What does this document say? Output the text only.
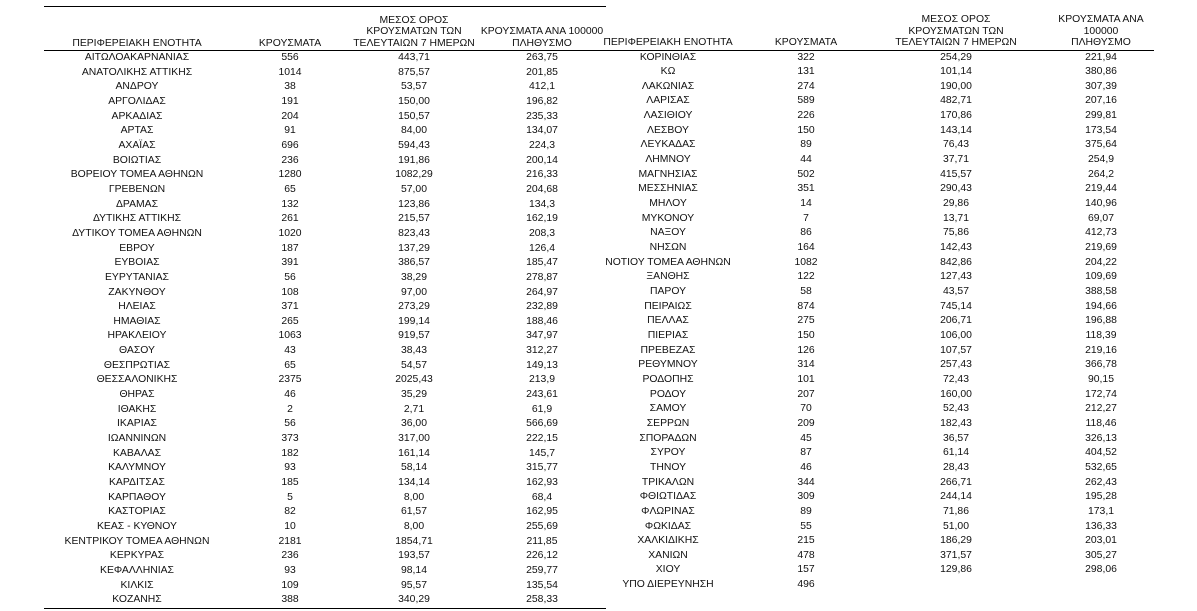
ΠΕΡΙΦΕΡΕΙΑΚΗ ΕΝΟΤΗΤΑ	ΚΡΟΥΣΜΑΤΑ	ΜΕΣΟΣ ΟΡΟΣ
ΚΡΟΥΣΜΑΤΩΝ ΤΩΝ
ΤΕΛΕΥΤΑΙΩΝ 7 ΗΜΕΡΩΝ	ΚΡΟΥΣΜΑΤΑ ΑΝΑ 100000
ΠΛΗΘΥΣΜΟ
ΑΙΤΩΛΟΑΚΑΡΝΑΝΙΑΣ	556	443,71	263,75
ΑΝΑΤΟΛΙΚΗΣ ΑΤΤΙΚΗΣ	1014	875,57	201,85
ΑΝΔΡΟΥ	38	53,57	412,1
ΑΡΓΟΛΙΔΑΣ	191	150,00	196,82
ΑΡΚΑΔΙΑΣ	204	150,57	235,33
ΑΡΤΑΣ	91	84,00	134,07
ΑΧΑΪΑΣ	696	594,43	224,3
ΒΟΙΩΤΙΑΣ	236	191,86	200,14
ΒΟΡΕΙΟΥ ΤΟΜΕΑ ΑΘΗΝΩΝ	1280	1082,29	216,33
ΓΡΕΒΕΝΩΝ	65	57,00	204,68
ΔΡΑΜΑΣ	132	123,86	134,3
ΔΥΤΙΚΗΣ ΑΤΤΙΚΗΣ	261	215,57	162,19
ΔΥΤΙΚΟΥ ΤΟΜΕΑ ΑΘΗΝΩΝ	1020	823,43	208,3
ΕΒΡΟΥ	187	137,29	126,4
ΕΥΒΟΙΑΣ	391	386,57	185,47
ΕΥΡΥΤΑΝΙΑΣ	56	38,29	278,87
ΖΑΚΥΝΘΟΥ	108	97,00	264,97
ΗΛΕΙΑΣ	371	273,29	232,89
ΗΜΑΘΙΑΣ	265	199,14	188,46
ΗΡΑΚΛΕΙΟΥ	1063	919,57	347,97
ΘΑΣΟΥ	43	38,43	312,27
ΘΕΣΠΡΩΤΙΑΣ	65	54,57	149,13
ΘΕΣΣΑΛΟΝΙΚΗΣ	2375	2025,43	213,9
ΘΗΡΑΣ	46	35,29	243,61
ΙΘΑΚΗΣ	2	2,71	61,9
ΙΚΑΡΙΑΣ	56	36,00	566,69
ΙΩΑΝΝΙΝΩΝ	373	317,00	222,15
ΚΑΒΑΛΑΣ	182	161,14	145,7
ΚΑΛΥΜΝΟΥ	93	58,14	315,77
ΚΑΡΔΙΤΣΑΣ	185	134,14	162,93
ΚΑΡΠΑΘΟΥ	5	8,00	68,4
ΚΑΣΤΟΡΙΑΣ	82	61,57	162,95
ΚΕΑΣ - ΚΥΘΝΟΥ	10	8,00	255,69
ΚΕΝΤΡΙΚΟΥ ΤΟΜΕΑ ΑΘΗΝΩΝ	2181	1854,71	211,85
ΚΕΡΚΥΡΑΣ	236	193,57	226,12
ΚΕΦΑΛΛΗΝΙΑΣ	93	98,14	259,77
ΚΙΛΚΙΣ	109	95,57	135,54
ΚΟΖΑΝΗΣ	388	340,29	258,33
ΠΕΡΙΦΕΡΕΙΑΚΗ ΕΝΟΤΗΤΑ	ΚΡΟΥΣΜΑΤΑ	ΜΕΣΟΣ ΟΡΟΣ
ΚΡΟΥΣΜΑΤΩΝ ΤΩΝ
ΤΕΛΕΥΤΑΙΩΝ 7 ΗΜΕΡΩΝ	ΚΡΟΥΣΜΑΤΑ ΑΝΑ 100000
ΠΛΗΘΥΣΜΟ
ΚΟΡΙΝΘΙΑΣ	322	254,29	221,94
ΚΩ	131	101,14	380,86
ΛΑΚΩΝΙΑΣ	274	190,00	307,39
ΛΑΡΙΣΑΣ	589	482,71	207,16
ΛΑΣΙΘΙΟΥ	226	170,86	299,81
ΛΕΣΒΟΥ	150	143,14	173,54
ΛΕΥΚΑΔΑΣ	89	76,43	375,64
ΛΗΜΝΟΥ	44	37,71	254,9
ΜΑΓΝΗΣΙΑΣ	502	415,57	264,2
ΜΕΣΣΗΝΙΑΣ	351	290,43	219,44
ΜΗΛΟΥ	14	29,86	140,96
ΜΥΚΟΝΟΥ	7	13,71	69,07
ΝΑΞΟΥ	86	75,86	412,73
ΝΗΣΩΝ	164	142,43	219,69
ΝΟΤΙΟΥ ΤΟΜΕΑ ΑΘΗΝΩΝ	1082	842,86	204,22
ΞΑΝΘΗΣ	122	127,43	109,69
ΠΑΡΟΥ	58	43,57	388,58
ΠΕΙΡΑΙΩΣ	874	745,14	194,66
ΠΕΛΛΑΣ	275	206,71	196,88
ΠΙΕΡΙΑΣ	150	106,00	118,39
ΠΡΕΒΕΖΑΣ	126	107,57	219,16
ΡΕΘΥΜΝΟΥ	314	257,43	366,78
ΡΟΔΟΠΗΣ	101	72,43	90,15
ΡΟΔΟΥ	207	160,00	172,74
ΣΑΜΟΥ	70	52,43	212,27
ΣΕΡΡΩΝ	209	182,43	118,46
ΣΠΟΡΑΔΩΝ	45	36,57	326,13
ΣΥΡΟΥ	87	61,14	404,52
ΤΗΝΟΥ	46	28,43	532,65
ΤΡΙΚΑΛΩΝ	344	266,71	262,43
ΦΘΙΩΤΙΔΑΣ	309	244,14	195,28
ΦΛΩΡΙΝΑΣ	89	71,86	173,1
ΦΩΚΙΔΑΣ	55	51,00	136,33
ΧΑΛΚΙΔΙΚΗΣ	215	186,29	203,01
ΧΑΝΙΩΝ	478	371,57	305,27
ΧΙΟΥ	157	129,86	298,06
ΥΠΟ ΔΙΕΡΕΥΝΗΣΗ	496		
